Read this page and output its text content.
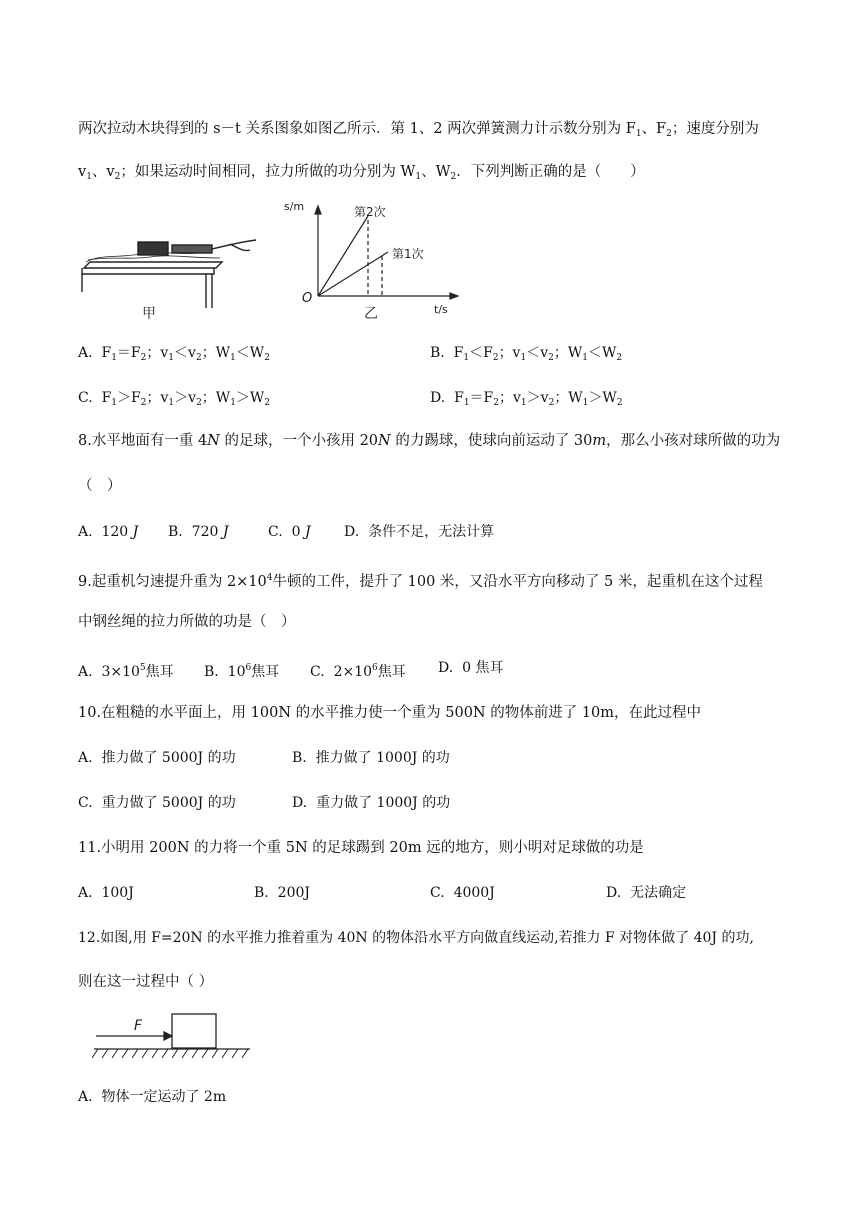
两次拉动木块得到的 s－t 关系图象如图乙所示．第 1、2 两次弹簧测力计示数分别为 $F_1$、$F_2$；速度分别为
$v_1$、$v_2$；如果运动时间相同，拉力所做的功分别为 $W_1$、$W_2$．下列判断正确的是（　　）
甲
s/m	第2次
第1次
O
t/s
乙
A.  $F_1=F_2$；$v_1<v_2$；$W_1<W_2$	B.  $F_1<F_2$；$v_1<v_2$；$W_1<W_2$
C.  $F_1>F_2$；$v_1>v_2$；$W_1>W_2$	D.  $F_1=F_2$；$v_1>v_2$；$W_1>W_2$
8.水平地面有一重 4N 的足球，一个小孩用 20N 的力踢球，使球向前运动了 30m，那么小孩对球所做的功为
（　）
A. 120 J B. 720 J	C. 0 J D. 条件不足，无法计算
9.起重机匀速提升重为 $2\times 10^4$牛顿的工件，提升了 100 米，又沿水平方向移动了 5 米，起重机在这个过程
中钢丝绳的拉力所做的功是（　）
A. $3\times 10^5$焦耳 B. $10^6$焦耳 C. $2\times 10^6$焦耳 D. 0 焦耳
10.在粗糙的水平面上，用 100N 的水平推力使一个重为 500N 的物体前进了 10m，在此过程中
A. 推力做了 5000J 的功	B. 推力做了 1000J 的功
C. 重力做了 5000J 的功	D. 重力做了 1000J 的功
11.小明用 200N 的力将一个重 5N 的足球踢到 20m 远的地方，则小明对足球做的功是
A. 100J	B. 200J	C. 4000J	D. 无法确定
12.如图,用 F=20N 的水平推力推着重为 40N 的物体沿水平方向做直线运动,若推力 F 对物体做了 40J 的功,
则在这一过程中（ ）
F
A. 物体一定运动了 2m
